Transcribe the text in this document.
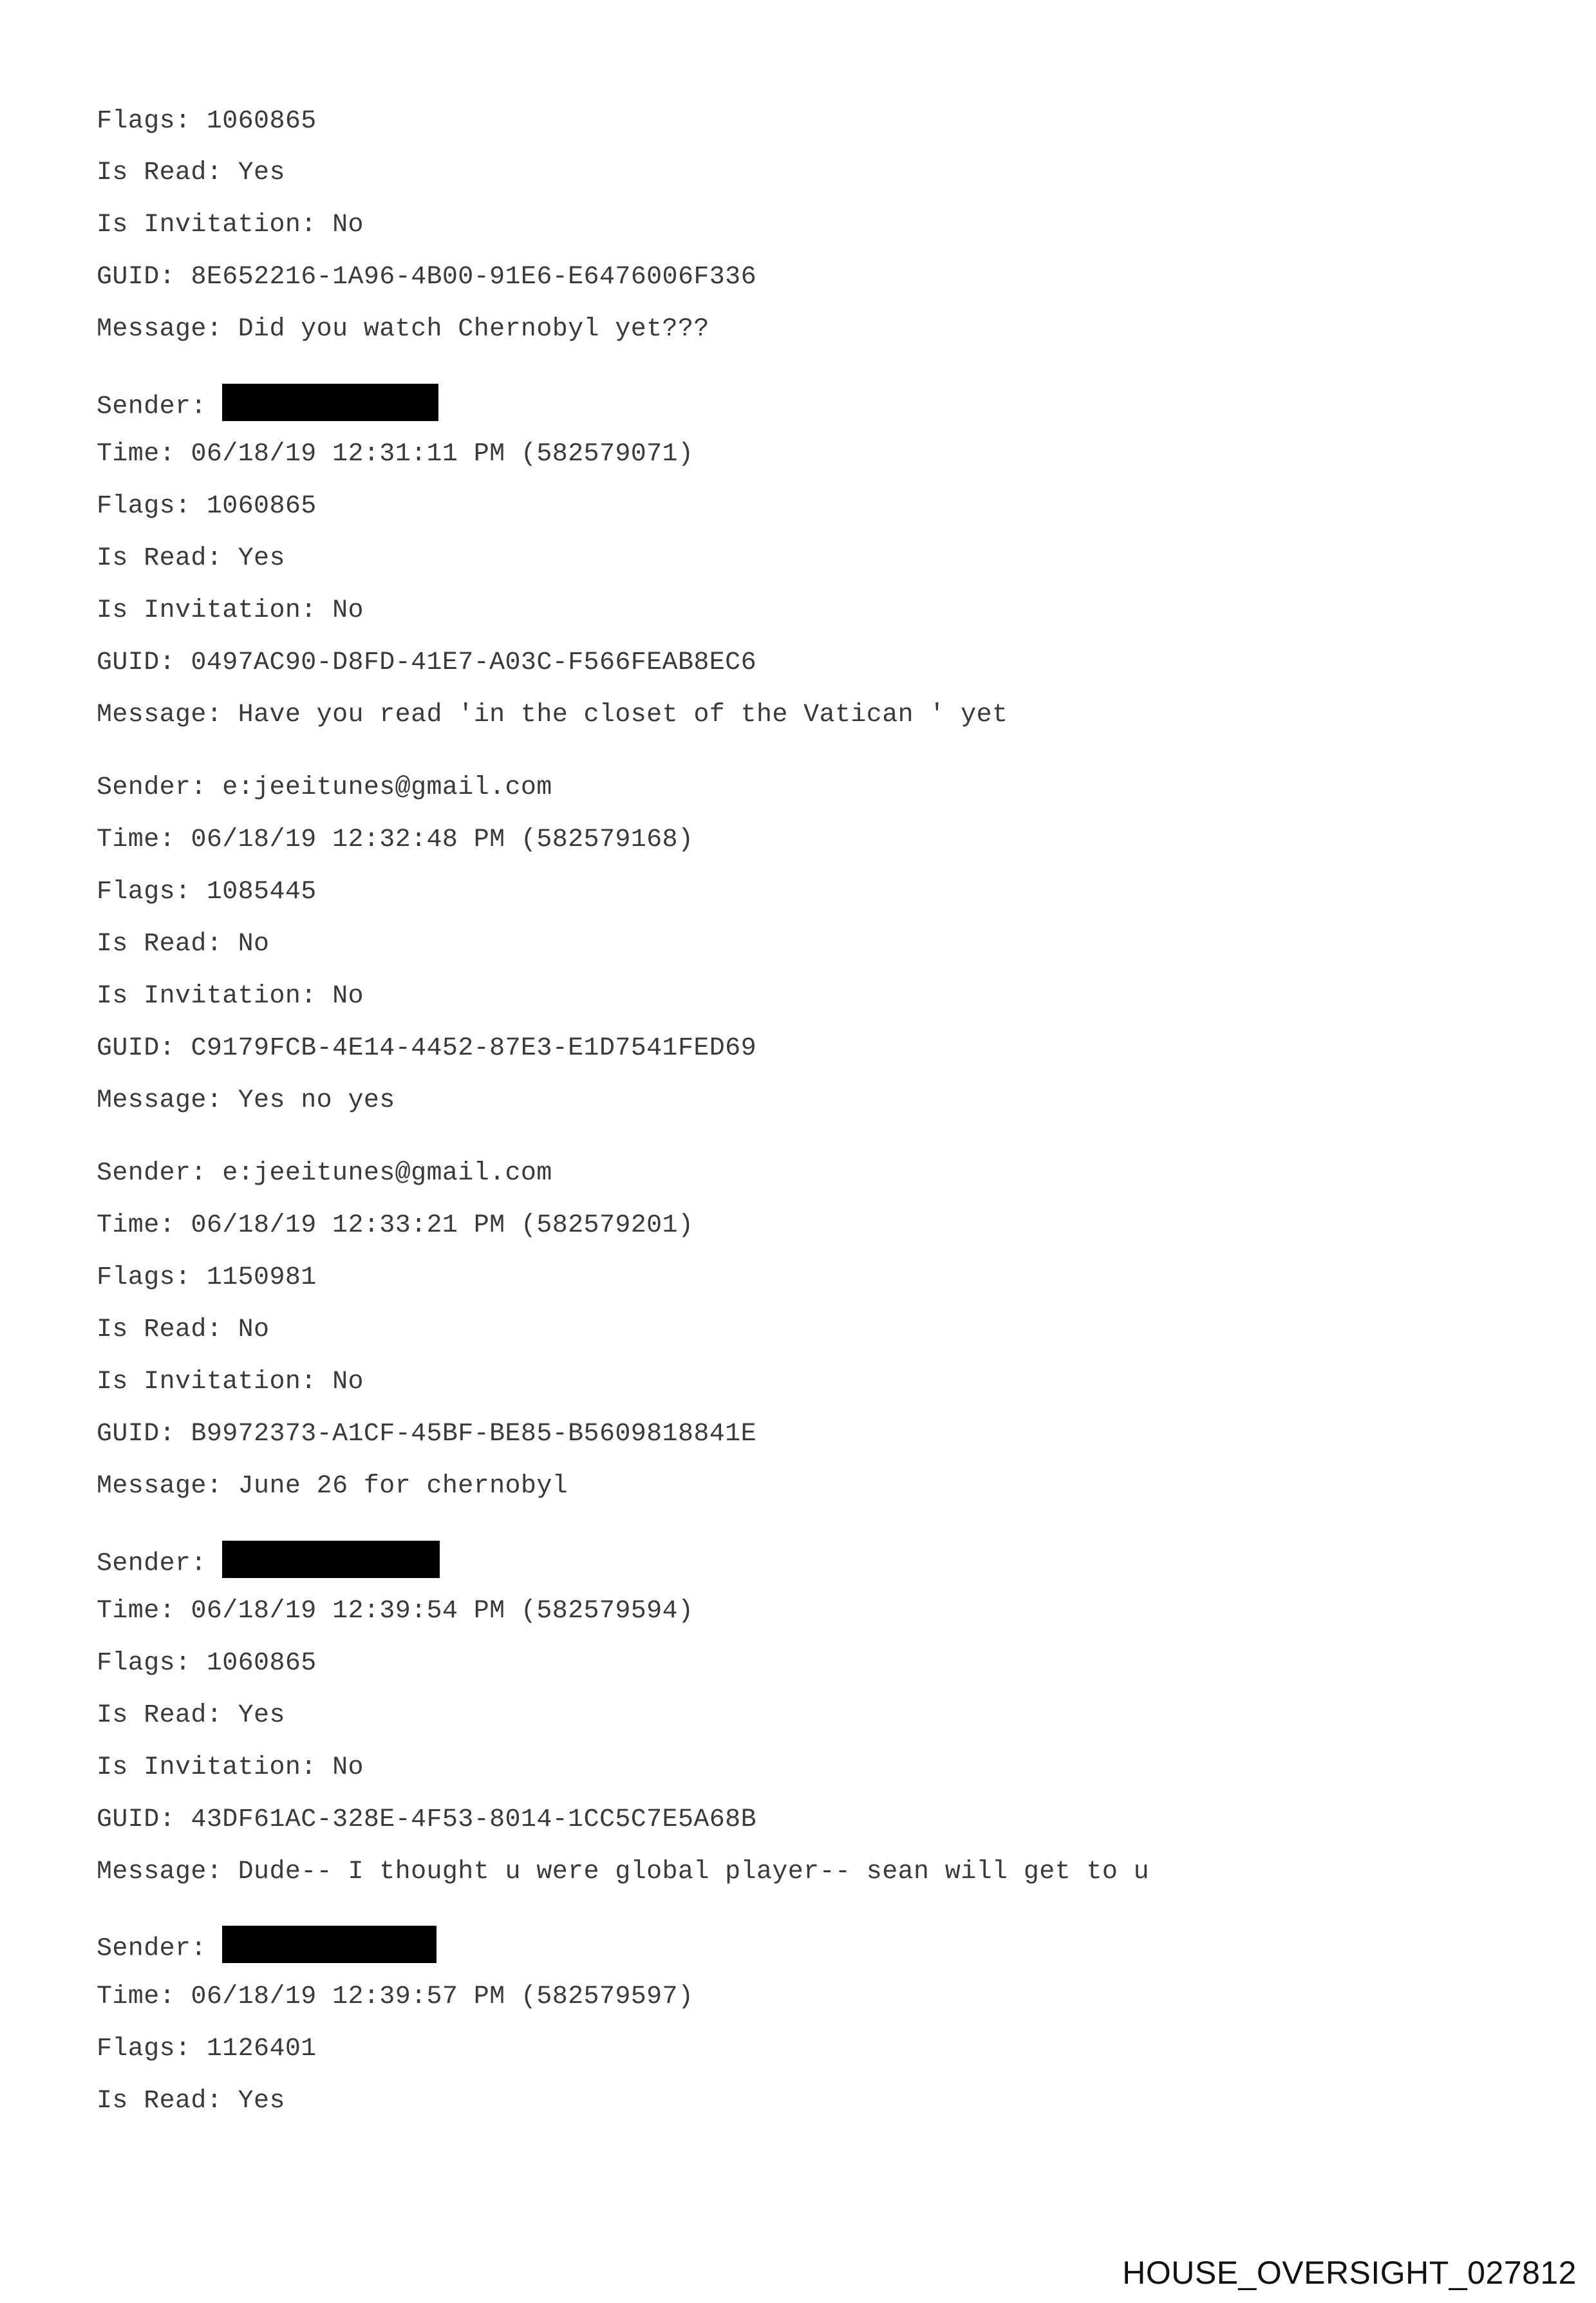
Flags: 1060865
Is Read: Yes
Is Invitation: No
GUID: 8E652216-1A96-4B00-91E6-E6476006F336
Message: Did you watch Chernobyl yet???
Sender:
Time: 06/18/19 12:31:11 PM (582579071)
Flags: 1060865
Is Read: Yes
Is Invitation: No
GUID: 0497AC90-D8FD-41E7-A03C-F566FEAB8EC6
Message: Have you read 'in the closet of the Vatican ' yet
Sender: e:jeeitunes@gmail.com
Time: 06/18/19 12:32:48 PM (582579168)
Flags: 1085445
Is Read: No
Is Invitation: No
GUID: C9179FCB-4E14-4452-87E3-E1D7541FED69
Message: Yes no yes
Sender: e:jeeitunes@gmail.com
Time: 06/18/19 12:33:21 PM (582579201)
Flags: 1150981
Is Read: No
Is Invitation: No
GUID: B9972373-A1CF-45BF-BE85-B5609818841E
Message: June 26 for chernobyl
Sender:
Time: 06/18/19 12:39:54 PM (582579594)
Flags: 1060865
Is Read: Yes
Is Invitation: No
GUID: 43DF61AC-328E-4F53-8014-1CC5C7E5A68B
Message: Dude-- I thought u were global player-- sean will get to u
Sender:
Time: 06/18/19 12:39:57 PM (582579597)
Flags: 1126401
Is Read: Yes
HOUSE_OVERSIGHT_027812
